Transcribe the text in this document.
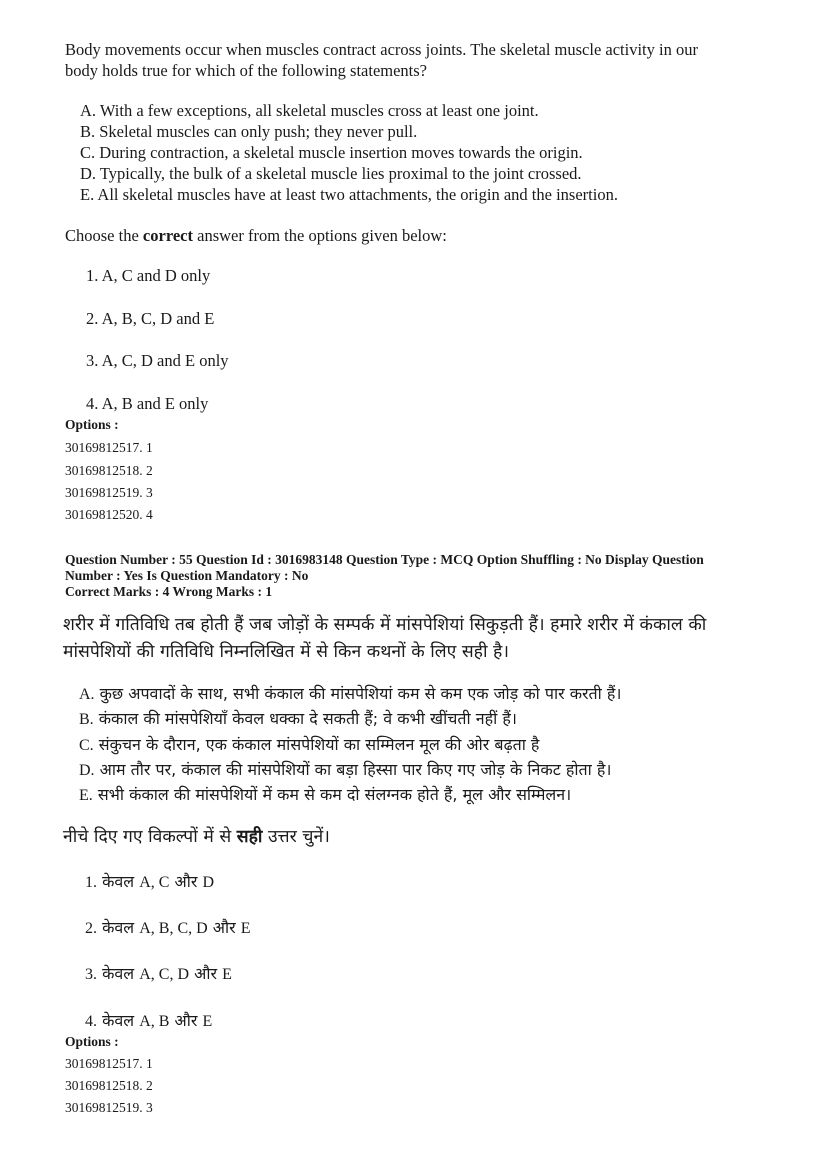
Body movements occur when muscles contract across joints. The skeletal muscle activity in our
body holds true for which of the following statements?
A. With a few exceptions, all skeletal muscles cross at least one joint.
B. Skeletal muscles can only push; they never pull.
C. During contraction, a skeletal muscle insertion moves towards the origin.
D. Typically, the bulk of a skeletal muscle lies proximal to the joint crossed.
E. All skeletal muscles have at least two attachments, the origin and the insertion.
Choose the correct answer from the options given below:
1. A, C and D only
2. A, B, C, D and E
3. A, C, D and E only
4. A, B and E only
Options :
30169812517. 1
30169812518. 2
30169812519. 3
30169812520. 4
Question Number : 55 Question Id : 3016983148 Question Type : MCQ Option Shuffling : No Display Question
Number : Yes Is Question Mandatory : No
Correct Marks : 4 Wrong Marks : 1
शरीर में गतिविधि तब होती हैं जब जोड़ों के सम्पर्क में मांसपेशियां सिकुड़ती हैं। हमारे शरीर में कंकाल की
मांसपेशियों की गतिविधि निम्नलिखित में से किन कथनों के लिए सही है।
A. कुछ अपवादों के साथ, सभी कंकाल की मांसपेशियां कम से कम एक जोड़ को पार करती हैं।
B. कंकाल की मांसपेशियाँ केवल धक्का दे सकती हैं; वे कभी खींचती नहीं हैं।
C. संकुचन के दौरान, एक कंकाल मांसपेशियों का सम्मिलन मूल की ओर बढ़ता है
D. आम तौर पर, कंकाल की मांसपेशियों का बड़ा हिस्सा पार किए गए जोड़ के निकट होता है।
E. सभी कंकाल की मांसपेशियों में कम से कम दो संलग्नक होते हैं, मूल और सम्मिलन।
नीचे दिए गए विकल्पों में से सही उत्तर चुनें।
1. केवल A, C और D
2. केवल A, B, C, D और E
3. केवल A, C, D और E
4. केवल A, B और E
Options :
30169812517. 1
30169812518. 2
30169812519. 3
